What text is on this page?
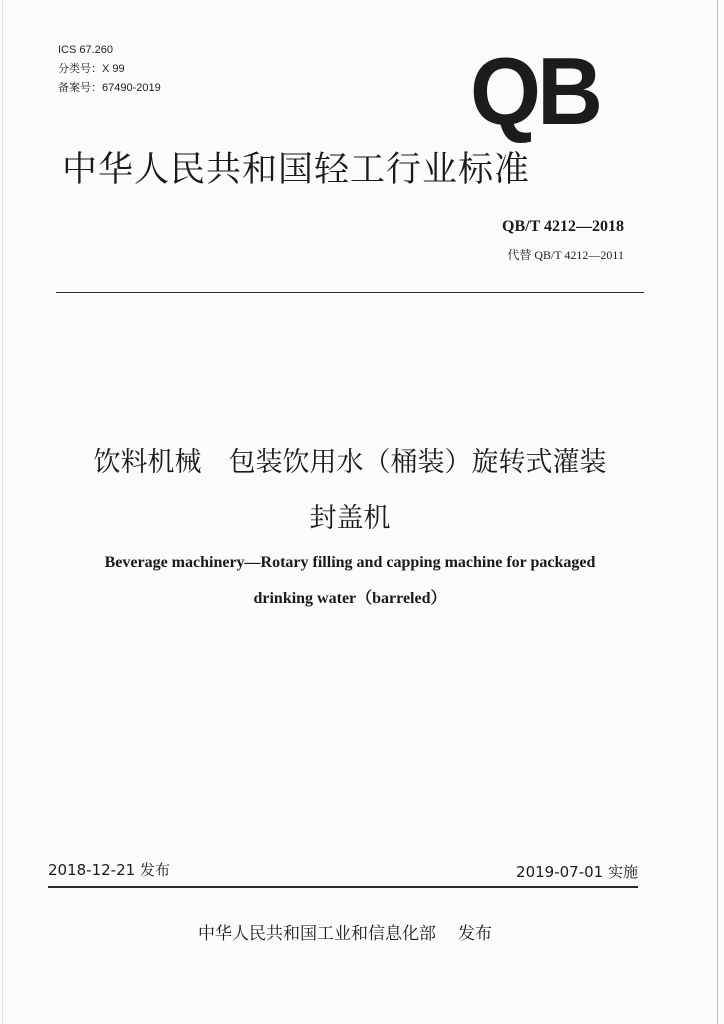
ICS 67.260
分类号：X 99
备案号：67490-2019	QB
中华人民共和国轻工行业标准
QB/T 4212—2018
代替 QB/T 4212—2011
饮料机械　包装饮用水（桶装）旋转式灌装
封盖机
Beverage machinery—Rotary filling and capping machine for packaged
drinking water（barreled）
2018-12-21 发布	2019-07-01 实施
中华人民共和国工业和信息化部 发布
